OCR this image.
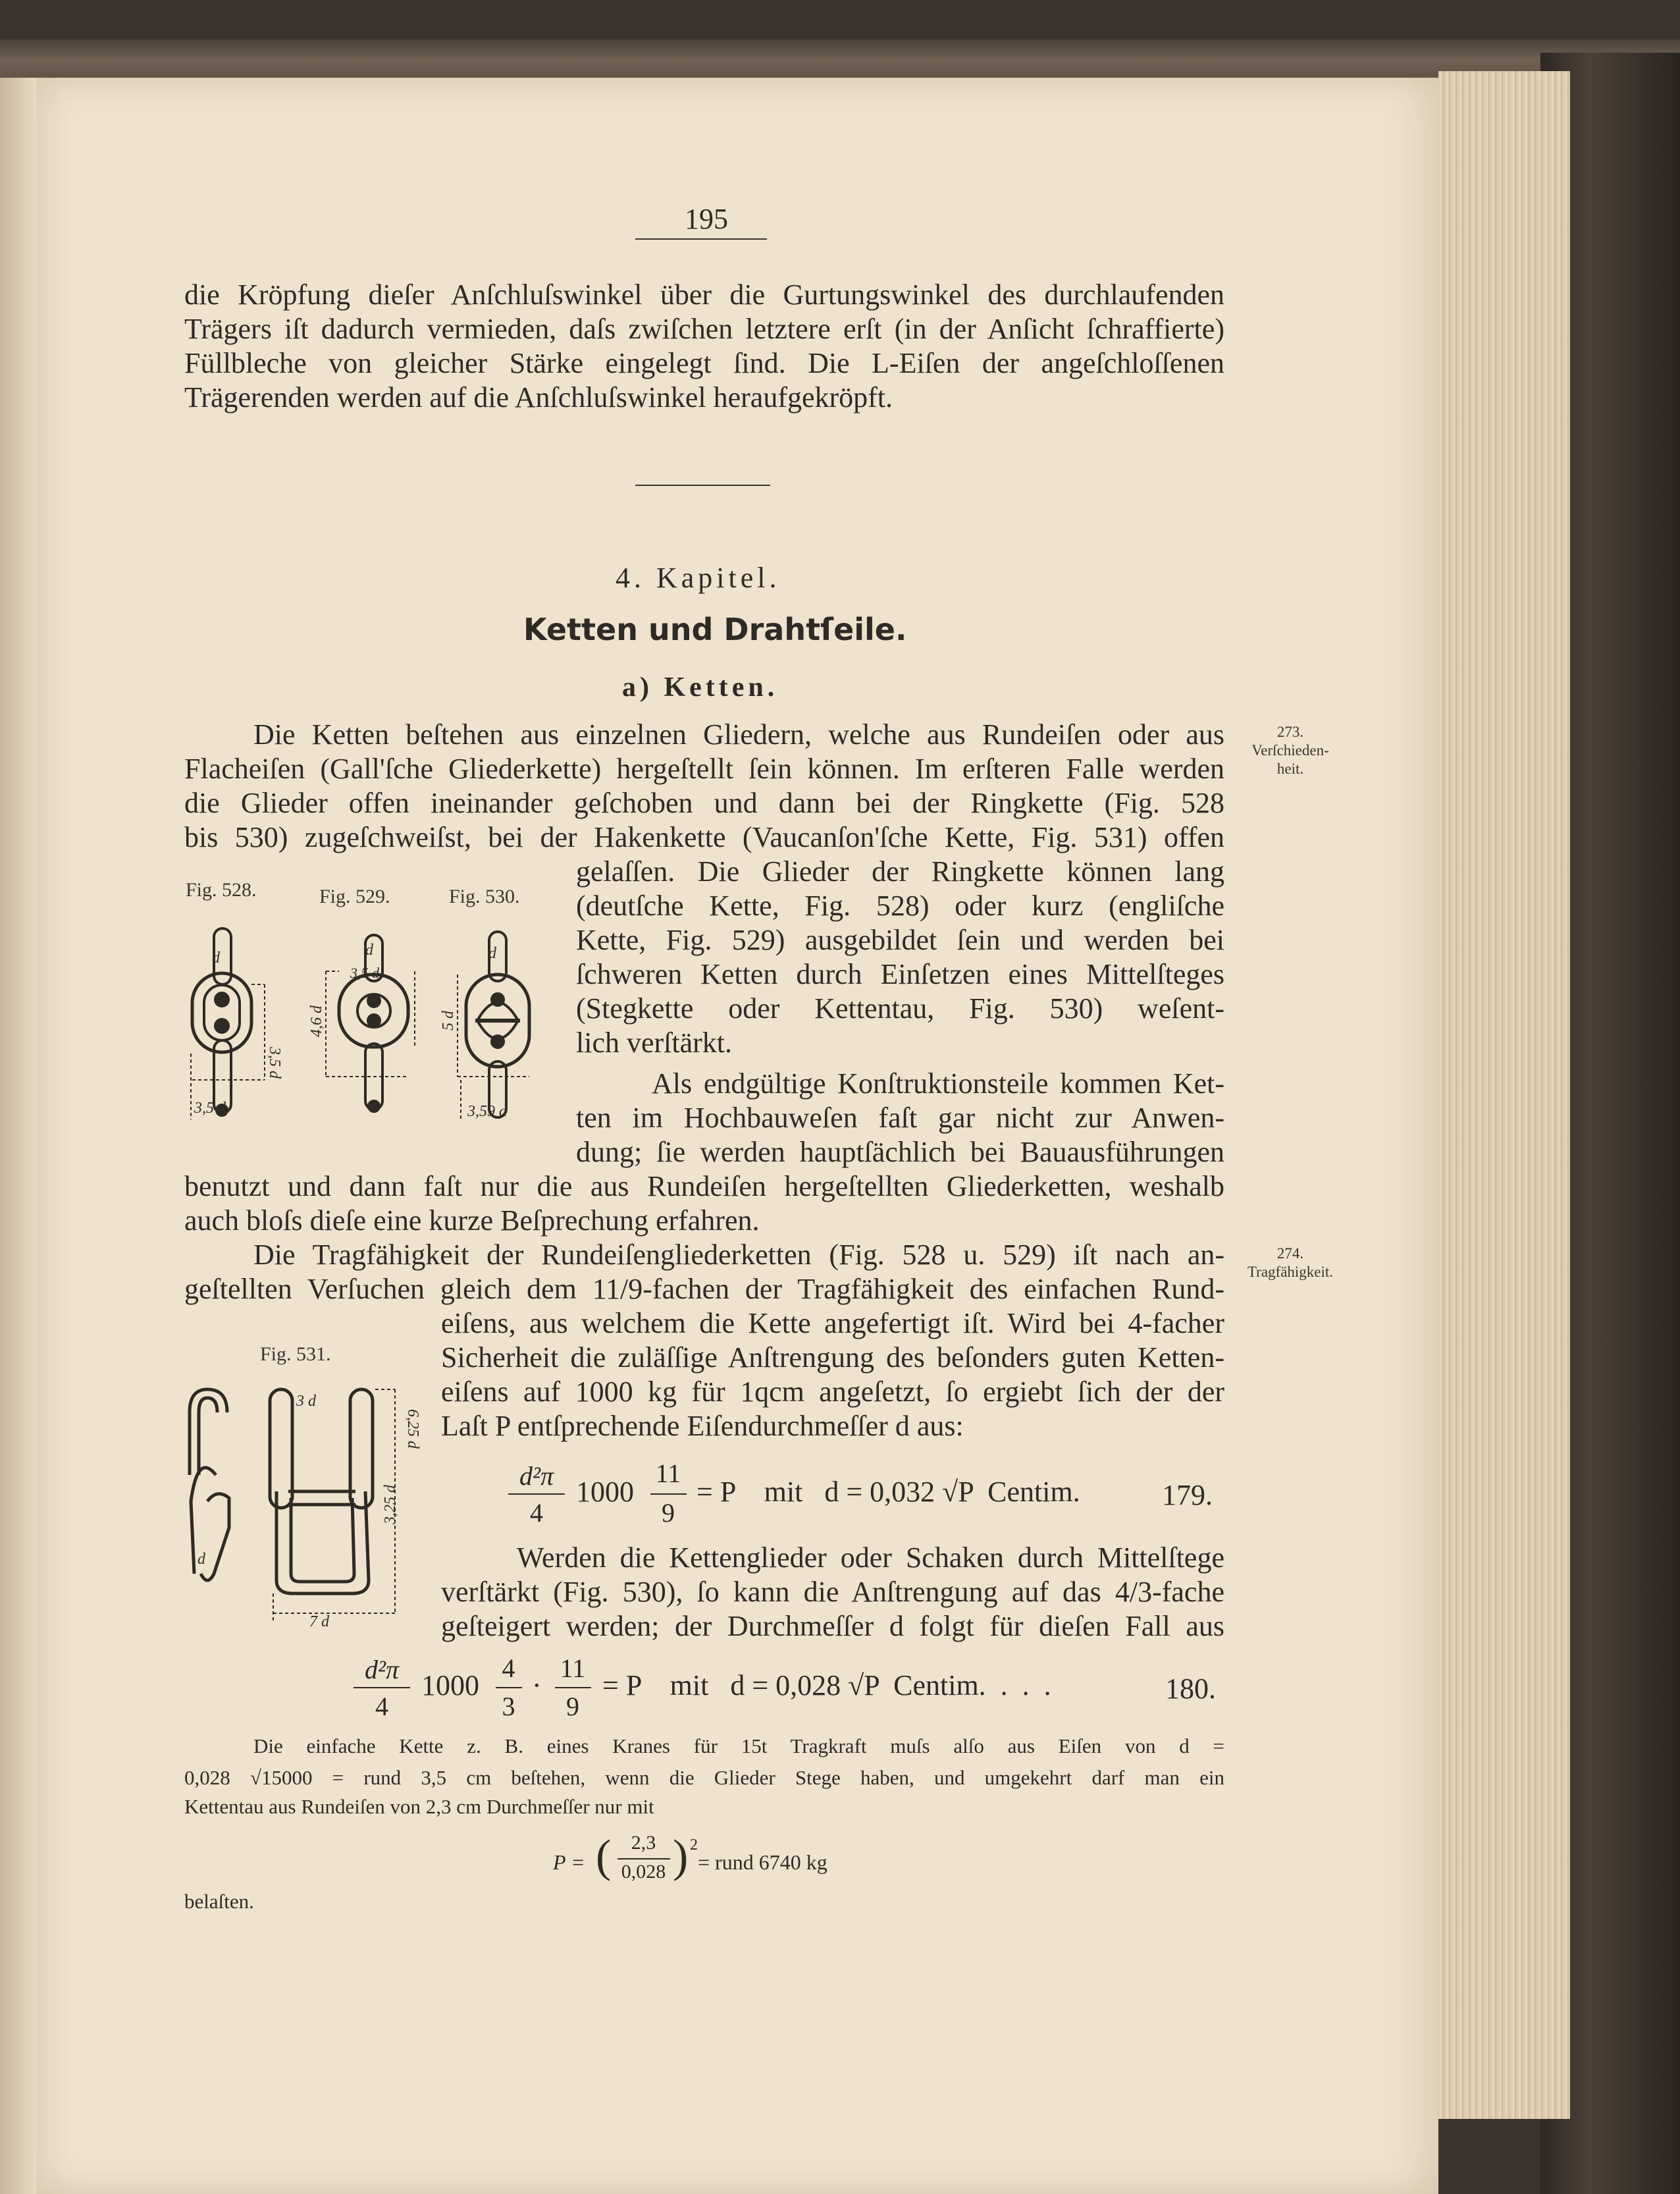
195
die Kröpfung dieſer Anſchluſswinkel über die Gurtungswinkel des durchlaufenden
Trägers iſt dadurch vermieden, daſs zwiſchen letztere erſt (in der Anſicht ſchraffierte)
Füllbleche von gleicher Stärke eingelegt ſind. Die L-Eiſen der angeſchloſſenen
Trägerenden werden auf die Anſchluſswinkel heraufgekröpft.
4. Kapitel.
Ketten und Drahtſeile.
a) Ketten.
273.
Verſchieden-
heit.
Die Ketten beſtehen aus einzelnen Gliedern, welche aus Rundeiſen oder aus
Flacheiſen (Gall'ſche Gliederkette) hergeſtellt ſein können. Im erſteren Falle werden
die Glieder offen ineinander geſchoben und dann bei der Ringkette (Fig. 528
bis 530) zugeſchweiſst, bei der Hakenkette (Vaucanſon'ſche Kette, Fig. 531) offen
gelaſſen. Die Glieder der Ringkette können lang
(deutſche Kette, Fig. 528) oder kurz (engliſche
Kette, Fig. 529) ausgebildet ſein und werden bei
ſchweren Ketten durch Einſetzen eines Mittelſteges
(Stegkette oder Kettentau, Fig. 530) weſent-
lich verſtärkt.
Als endgültige Konſtruktionsteile kommen Ket-
ten im Hochbauweſen faſt gar nicht zur Anwen-
dung; ſie werden hauptſächlich bei Bauausführungen
benutzt und dann faſt nur die aus Rundeiſen hergeſtellten Gliederketten, weshalb
auch bloſs dieſe eine kurze Beſprechung erfahren.
274.
Tragfähigkeit.
Die Tragfähigkeit der Rundeiſengliederketten (Fig. 528 u. 529) iſt nach an-
geſtellten Verſuchen gleich dem 11/9-fachen der Tragfähigkeit des einfachen Rund-
eiſens, aus welchem die Kette angefertigt iſt. Wird bei 4-facher
Sicherheit die zuläſſige Anſtrengung des beſonders guten Ketten-
eiſens auf 1000 kg für 1qcm angeſetzt, ſo ergiebt ſich der der
Laſt P entſprechende Eiſendurchmeſſer d aus:
d²π
4
1000
11
9
= P    mit   d = 0,032 √P  Centim.	179.
Werden die Kettenglieder oder Schaken durch Mittelſtege
verſtärkt (Fig. 530), ſo kann die Anſtrengung auf das 4/3-fache
geſteigert werden; der Durchmeſſer d folgt für dieſen Fall aus
d²π
4
1000
4
3
·
11
9
= P    mit   d = 0,028 √P  Centim.  .  .  .	180.
Die einfache Kette z. B. eines Kranes für 15t Tragkraft muſs alſo aus Eiſen von d =
0,028 √15000 = rund 3,5 cm beſtehen, wenn die Glieder Stege haben, und umgekehrt darf man ein
Kettentau aus Rundeiſen von 2,3 cm Durchmeſſer nur mit
P = (	2,3
0,028 ) 2
= rund 6740 kg
belaſten.
Fig. 528.	Fig. 529.	Fig. 530.
Fig. 531.
d
3,5 d
3,5 d
d
3,5 d
4,6 d
d
5 d
3,59 d
3 d
6,25 d
3,25 d
7 d
d
